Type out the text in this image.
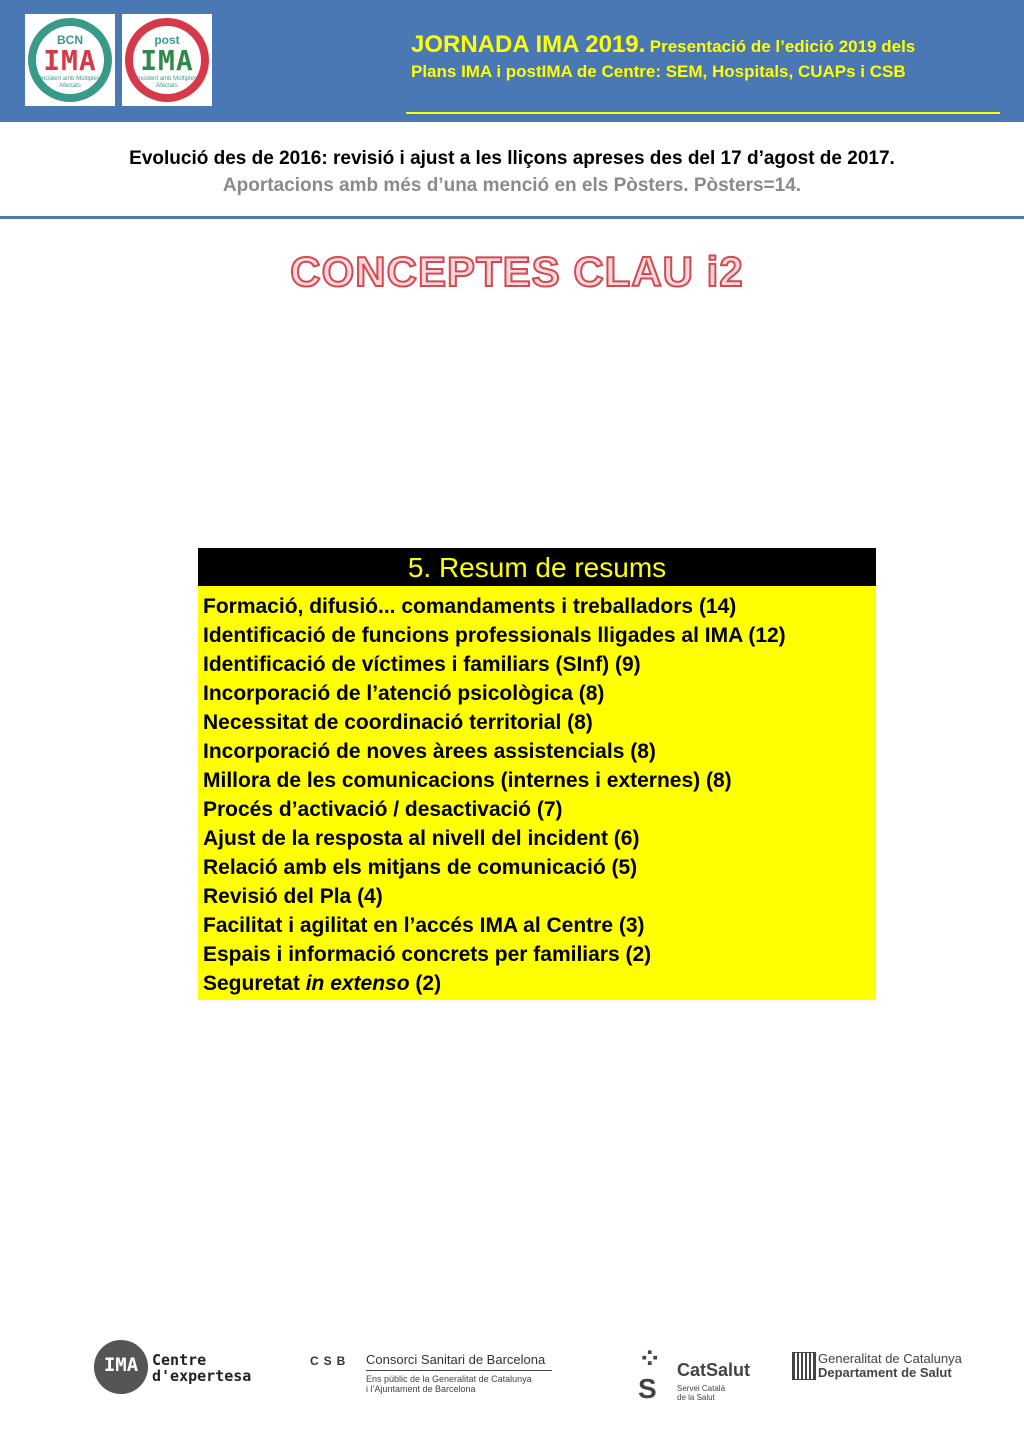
BCN
IMA
Incident amb Múltiples Afectats
post
IMA
Incident amb Múltiples Afectats
JORNADA IMA 2019. Presentació de l’edició 2019 dels
Plans IMA i postIMA de Centre: SEM, Hospitals, CUAPs i CSB
Evolució des de 2016: revisió i ajust a les lliçons apreses des del 17 d’agost de 2017.
Aportacions amb més d’una menció en els Pòsters. Pòsters=14.
CONCEPTES CLAU i2
5. Resum de resums
Formació, difusió... comandaments i treballadors (14)
Identificació de funcions professionals lligades al IMA (12)
Identificació de víctimes i familiars (SInf) (9)
Incorporació de l’atenció psicològica (8)
Necessitat de coordinació territorial (8)
Incorporació de noves àrees assistencials (8)
Millora de les comunicacions (internes i externes) (8)
Procés d’activació / desactivació (7)
Ajust de la resposta al nivell del incident (6)
Relació amb els mitjans de comunicació (5)
Revisió del Pla (4)
Facilitat i agilitat en l’accés IMA al Centre (3)
Espais i informació concrets per familiars (2)
Seguretat in extenso (2)
IMA Centre
d'expertesa
CSB Consorci Sanitari de Barcelona
Ens públic de la Generalitat de Catalunya
i l’Ajuntament de Barcelona
⁘S
CatSalut
Servei Català
de la Salut
Generalitat de Catalunya
Departament de Salut
